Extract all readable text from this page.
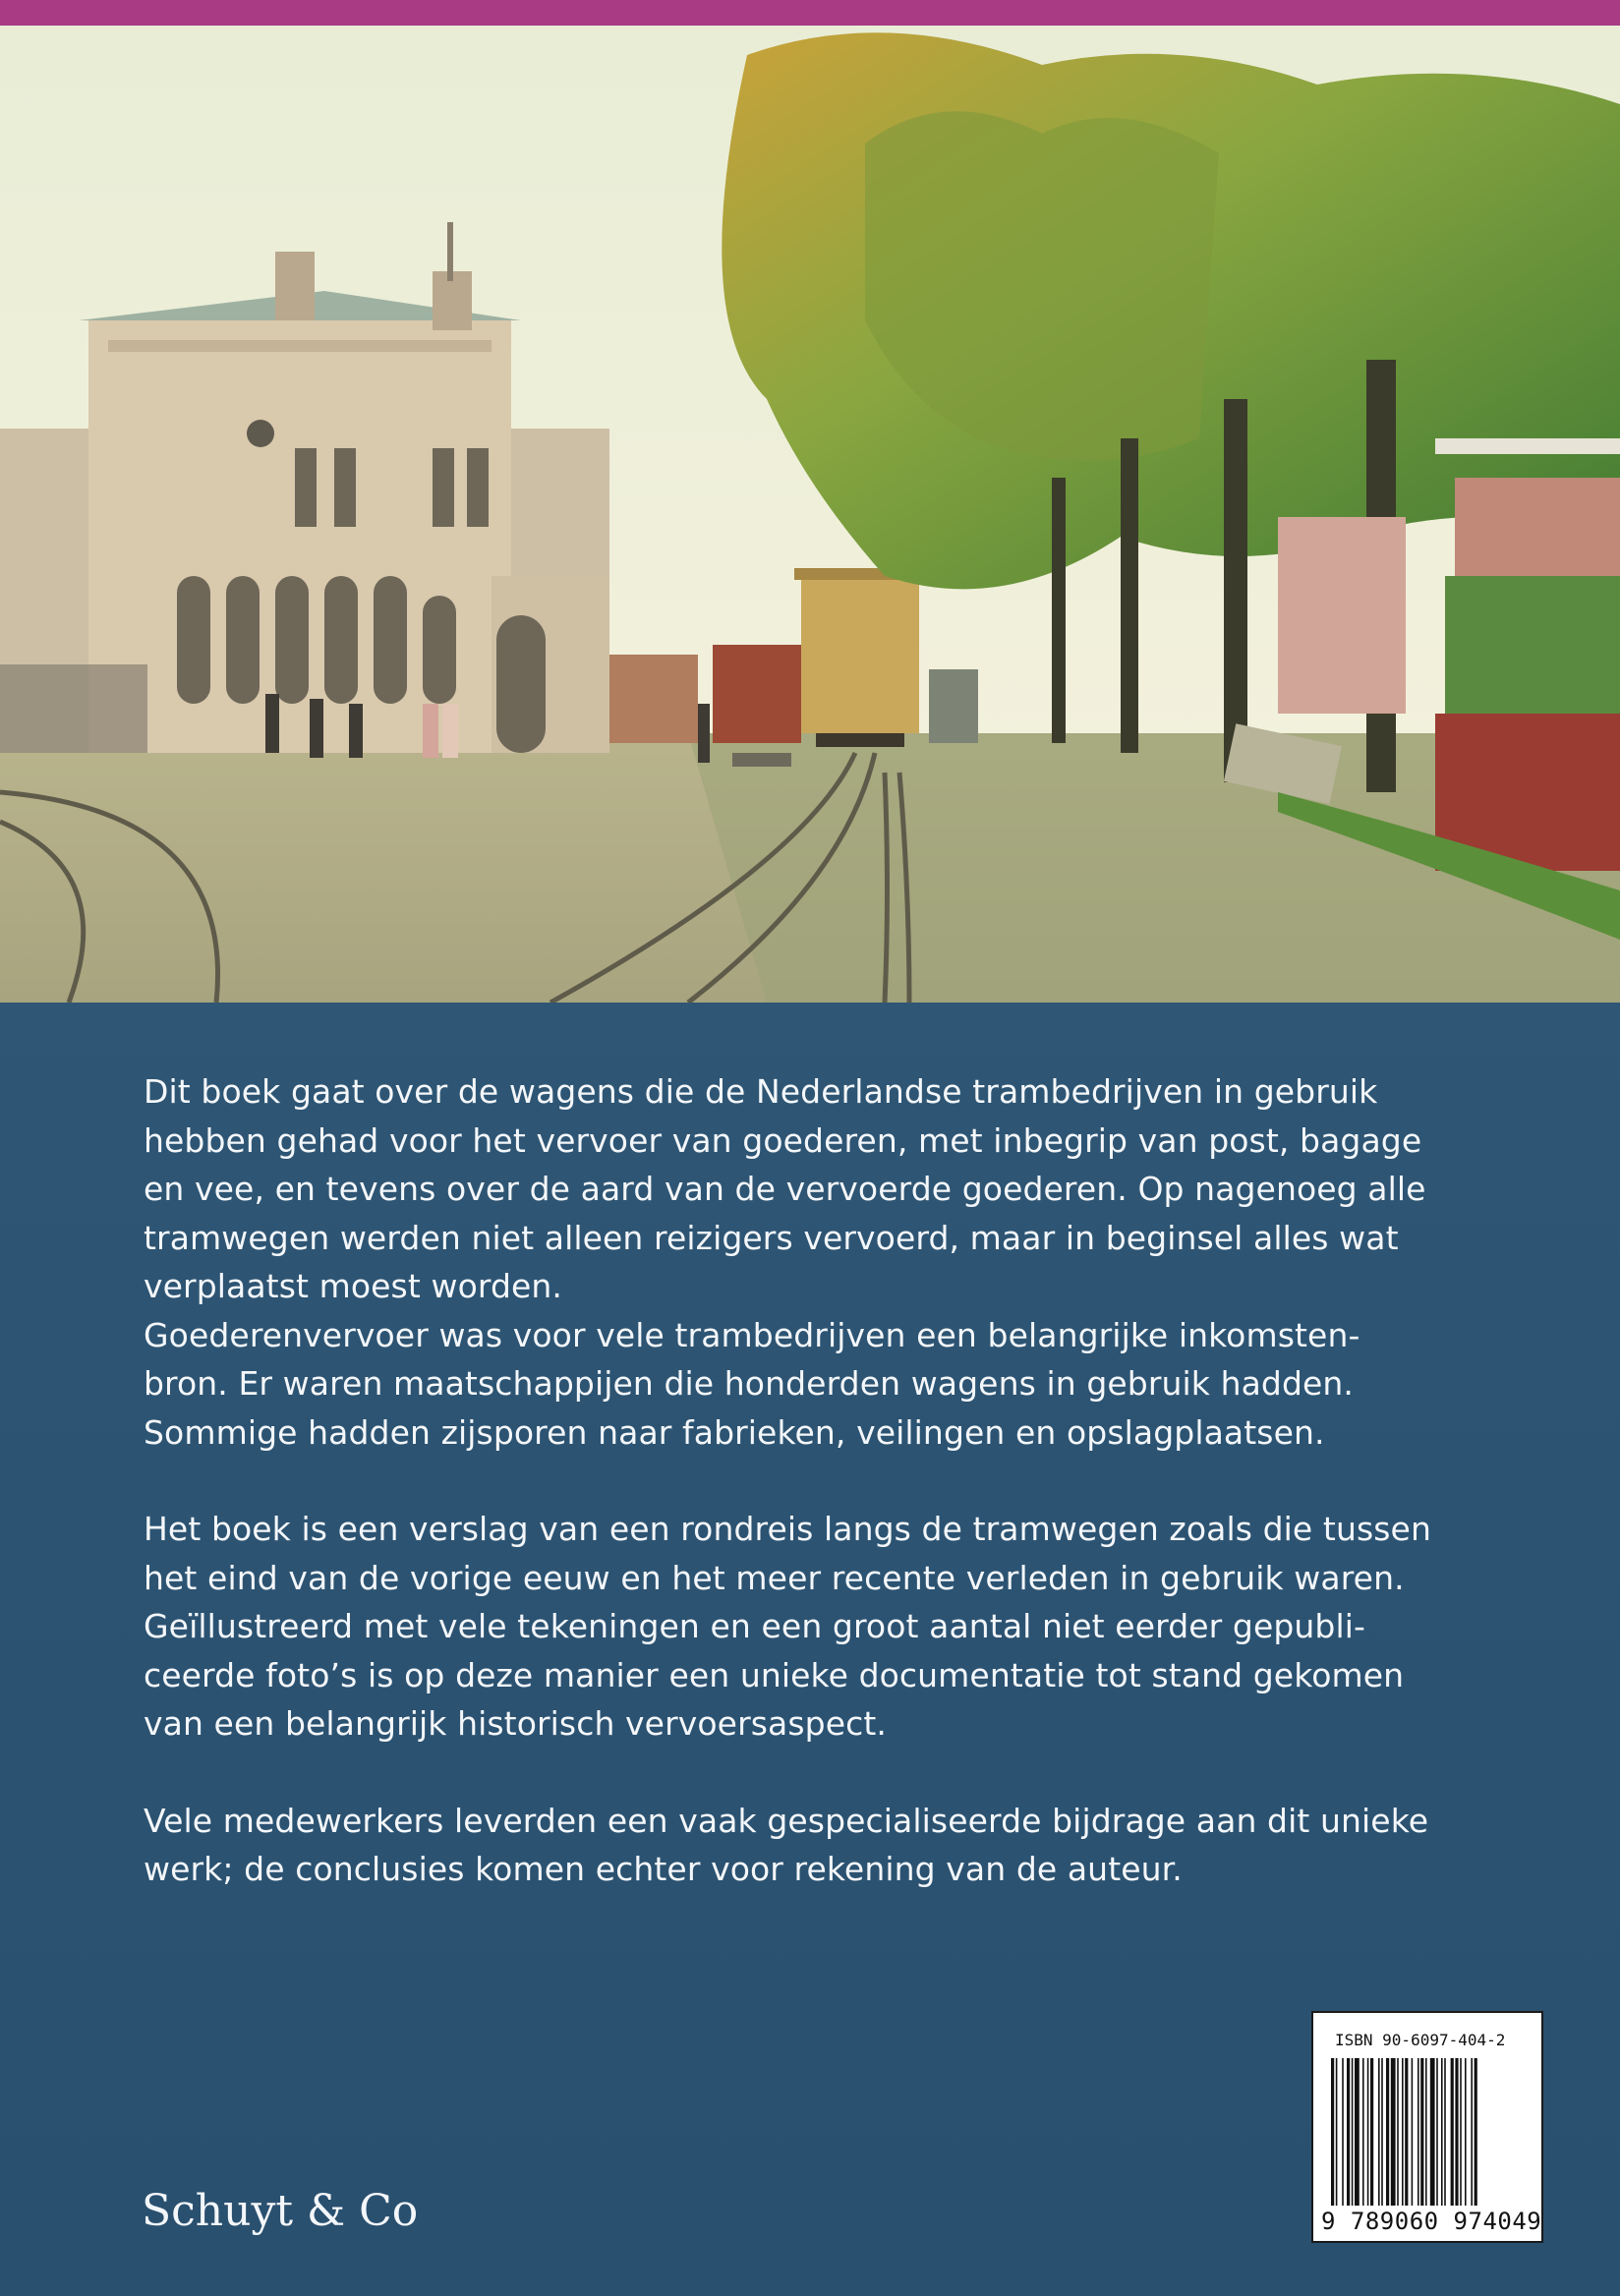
Dit boek gaat over de wagens die de Nederlandse trambedrijven in gebruik
hebben gehad voor het vervoer van goederen, met inbegrip van post, bagage
en vee, en tevens over de aard van de vervoerde goederen. Op nagenoeg alle
tramwegen werden niet alleen reizigers vervoerd, maar in beginsel alles wat
verplaatst moest worden.
Goederenvervoer was voor vele trambedrijven een belangrijke inkomsten-
bron. Er waren maatschappijen die honderden wagens in gebruik hadden.
Sommige hadden zijsporen naar fabrieken, veilingen en opslagplaatsen.

Het boek is een verslag van een rondreis langs de tramwegen zoals die tussen
het eind van de vorige eeuw en het meer recente verleden in gebruik waren.
Geïllustreerd met vele tekeningen en een groot aantal niet eerder gepubli-
ceerde foto’s is op deze manier een unieke documentatie tot stand gekomen
van een belangrijk historisch vervoersaspect.

Vele medewerkers leverden een vaak gespecialiseerde bijdrage aan dit unieke
werk; de conclusies komen echter voor rekening van de auteur.

ISBN 90-6097-404-2
9 789060 974049
Schuyt & Co
